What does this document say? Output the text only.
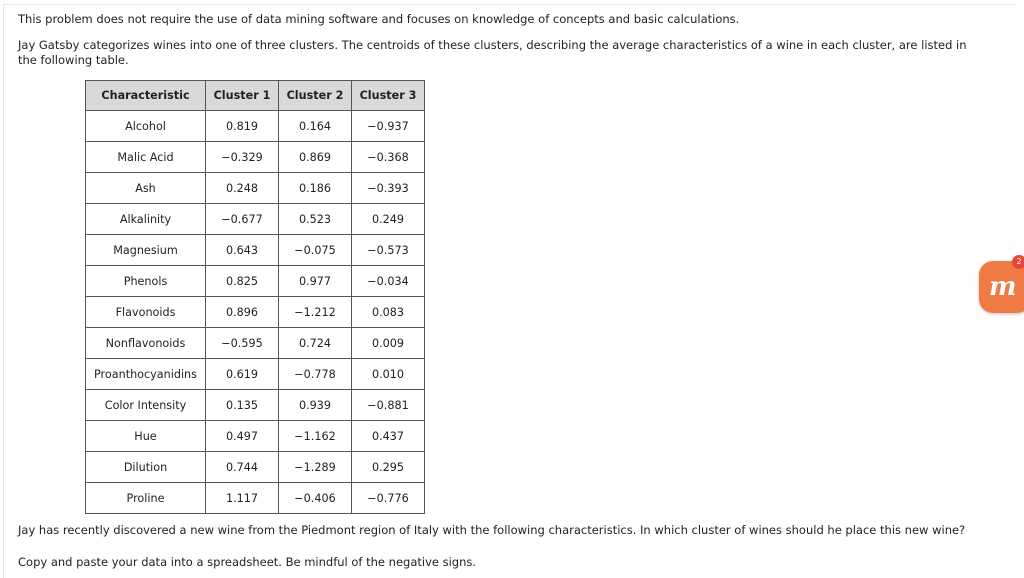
This problem does not require the use of data mining software and focuses on knowledge of concepts and basic calculations.

Jay Gatsby categorizes wines into one of three clusters. The centroids of these clusters, describing the average characteristics of a wine in each cluster, are listed in the following table.

Characteristic	Cluster 1	Cluster 2	Cluster 3
Alcohol	0.819	0.164	−0.937
Malic Acid	−0.329	0.869	−0.368
Ash	0.248	0.186	−0.393
Alkalinity	−0.677	0.523	0.249
Magnesium	0.643	−0.075	−0.573
Phenols	0.825	0.977	−0.034
Flavonoids	0.896	−1.212	0.083
Nonflavonoids	−0.595	0.724	0.009
Proanthocyanidins	0.619	−0.778	0.010
Color Intensity	0.135	0.939	−0.881
Hue	0.497	−1.162	0.437
Dilution	0.744	−1.289	0.295
Proline	1.117	−0.406	−0.776

Jay has recently discovered a new wine from the Piedmont region of Italy with the following characteristics. In which cluster of wines should he place this new wine?

Copy and paste your data into a spreadsheet. Be mindful of the negative signs.

m
2
